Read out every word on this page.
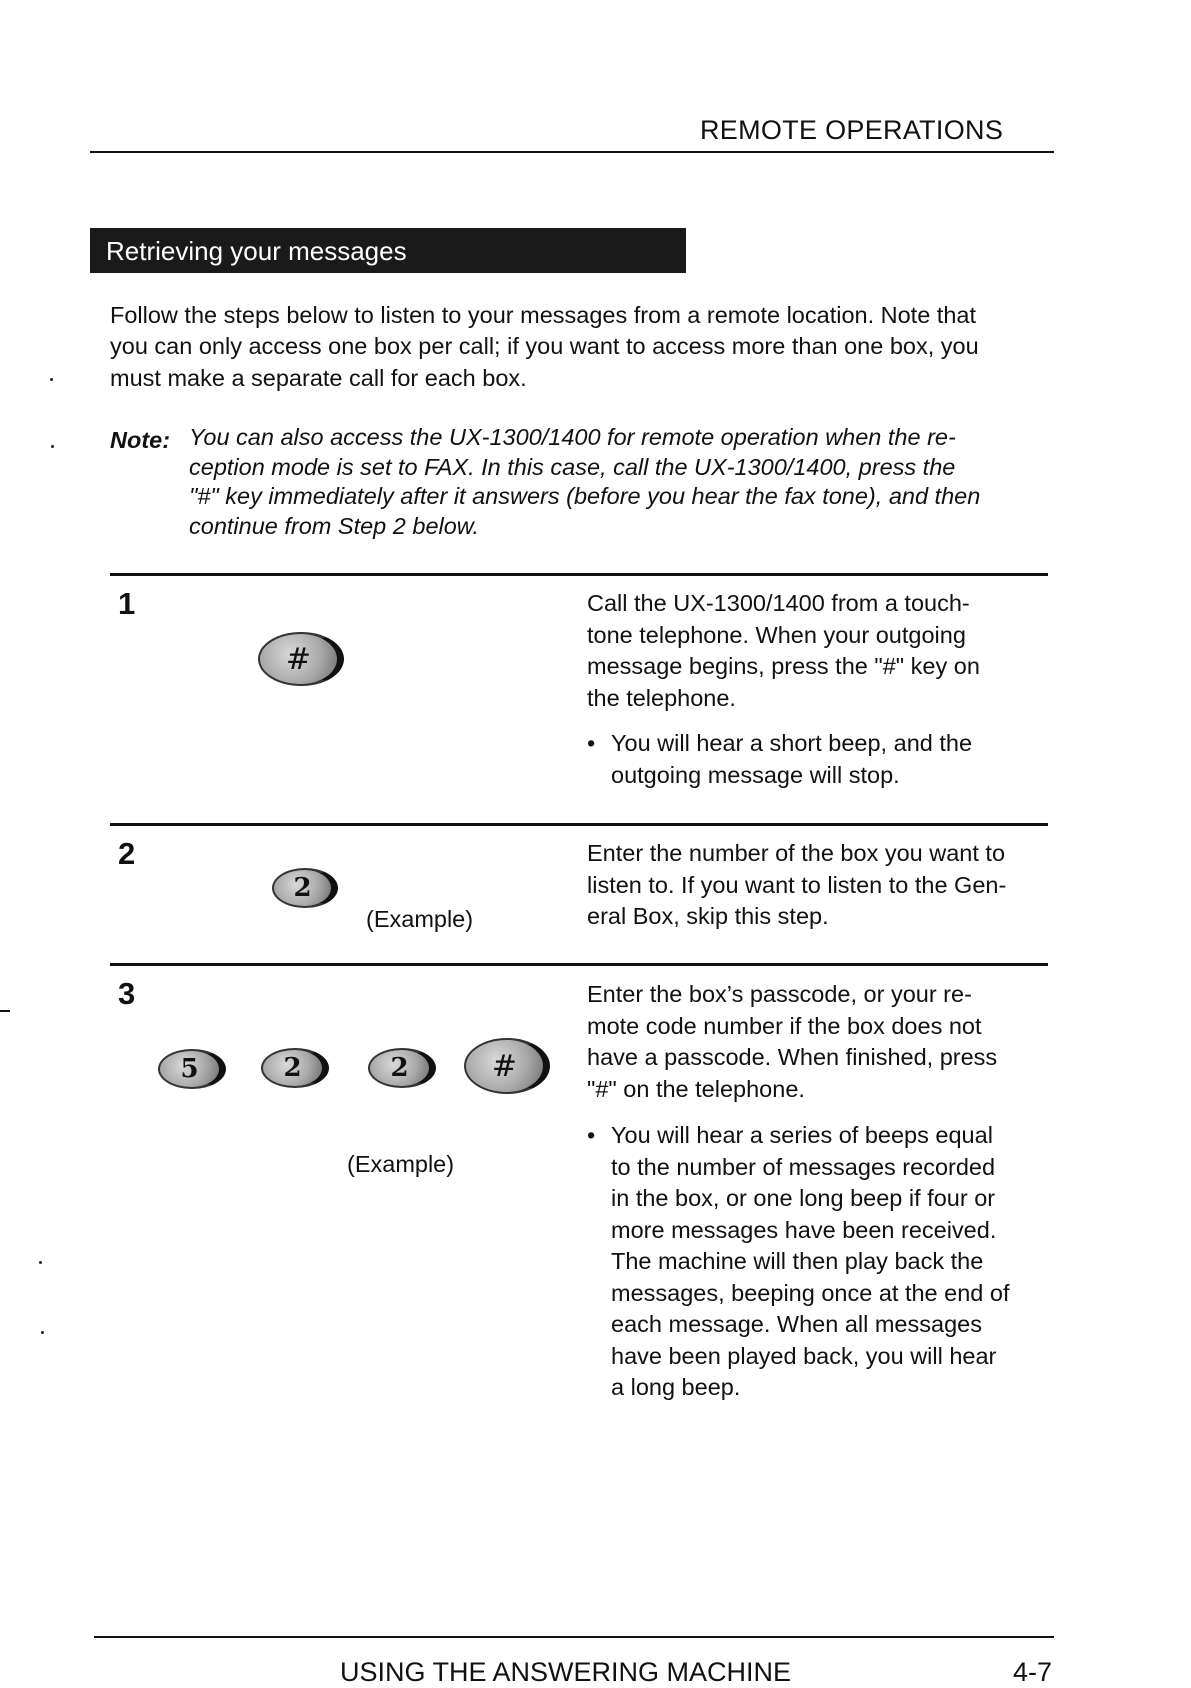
REMOTE OPERATIONS
Retrieving your messages
Follow the steps below to listen to your messages from a remote location. Note that
you can only access one box per call; if you want to access more than one box, you
must make a separate call for each box.
Note: You can also access the UX-1300/1400 for remote operation when the re-
ception mode is set to FAX. In this case, call the UX-1300/1400, press the
"#" key immediately after it answers (before you hear the fax tone), and then
continue from Step 2 below.
1
#
Call the UX-1300/1400 from a touch-
tone telephone. When your outgoing
message begins, press the "#" key on
the telephone.
• You will hear a short beep, and the
outgoing message will stop.
2
2
(Example)
Enter the number of the box you want to
listen to. If you want to listen to the Gen-
eral Box, skip this step.
3
5	2	2	#
(Example)
Enter the box’s passcode, or your re-
mote code number if the box does not
have a passcode. When finished, press
"#" on the telephone.
• You will hear a series of beeps equal
to the number of messages recorded
in the box, or one long beep if four or
more messages have been received.
The machine will then play back the
messages, beeping once at the end of
each message. When all messages
have been played back, you will hear
a long beep.
USING THE ANSWERING MACHINE	4-7
